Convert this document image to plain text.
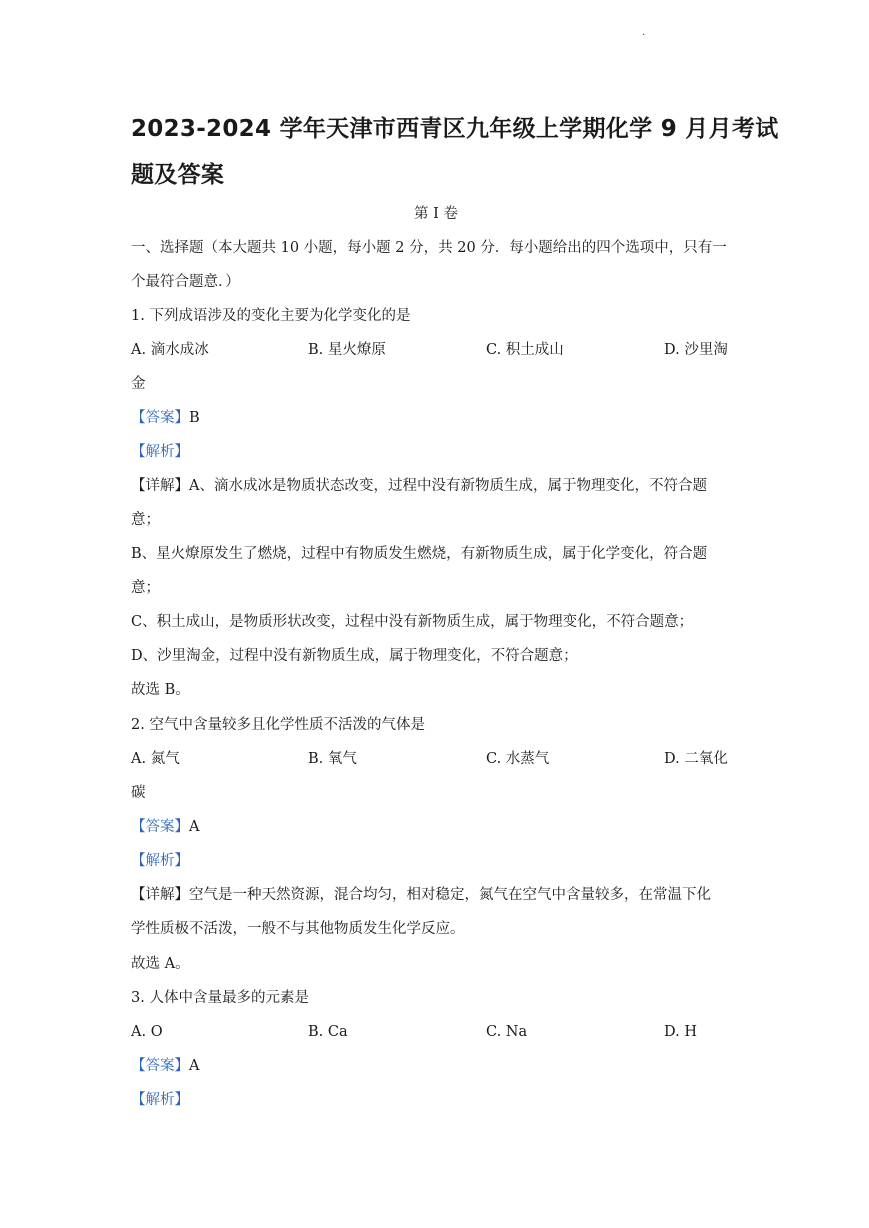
·
2023-2024 学年天津市西青区九年级上学期化学 9 月月考试
题及答案
第 I 卷
一、选择题（本大题共 10 小题，每小题 2 分，共 20 分．每小题给出的四个选项中，只有一
个最符合题意．）
1. 下列成语涉及的变化主要为化学变化的是
A. 滴水成冰	B. 星火燎原	C. 积土成山	D. 沙里淘
金
【答案】B
【解析】
【详解】A、滴水成冰是物质状态改变，过程中没有新物质生成，属于物理变化，不符合题
意；
B、星火燎原发生了燃烧，过程中有物质发生燃烧，有新物质生成，属于化学变化，符合题
意；
C、积土成山，是物质形状改变，过程中没有新物质生成，属于物理变化，不符合题意；
D、沙里淘金，过程中没有新物质生成，属于物理变化，不符合题意；
故选 B。
2. 空气中含量较多且化学性质不活泼的气体是
A. 氮气	B. 氧气	C. 水蒸气	D. 二氧化
碳
【答案】A
【解析】
【详解】空气是一种天然资源，混合均匀，相对稳定，氮气在空气中含量较多，在常温下化
学性质极不活泼，一般不与其他物质发生化学反应。
故选 A。
3. 人体中含量最多的元素是
A. O	B. Ca	C. Na	D. H
【答案】A
【解析】
